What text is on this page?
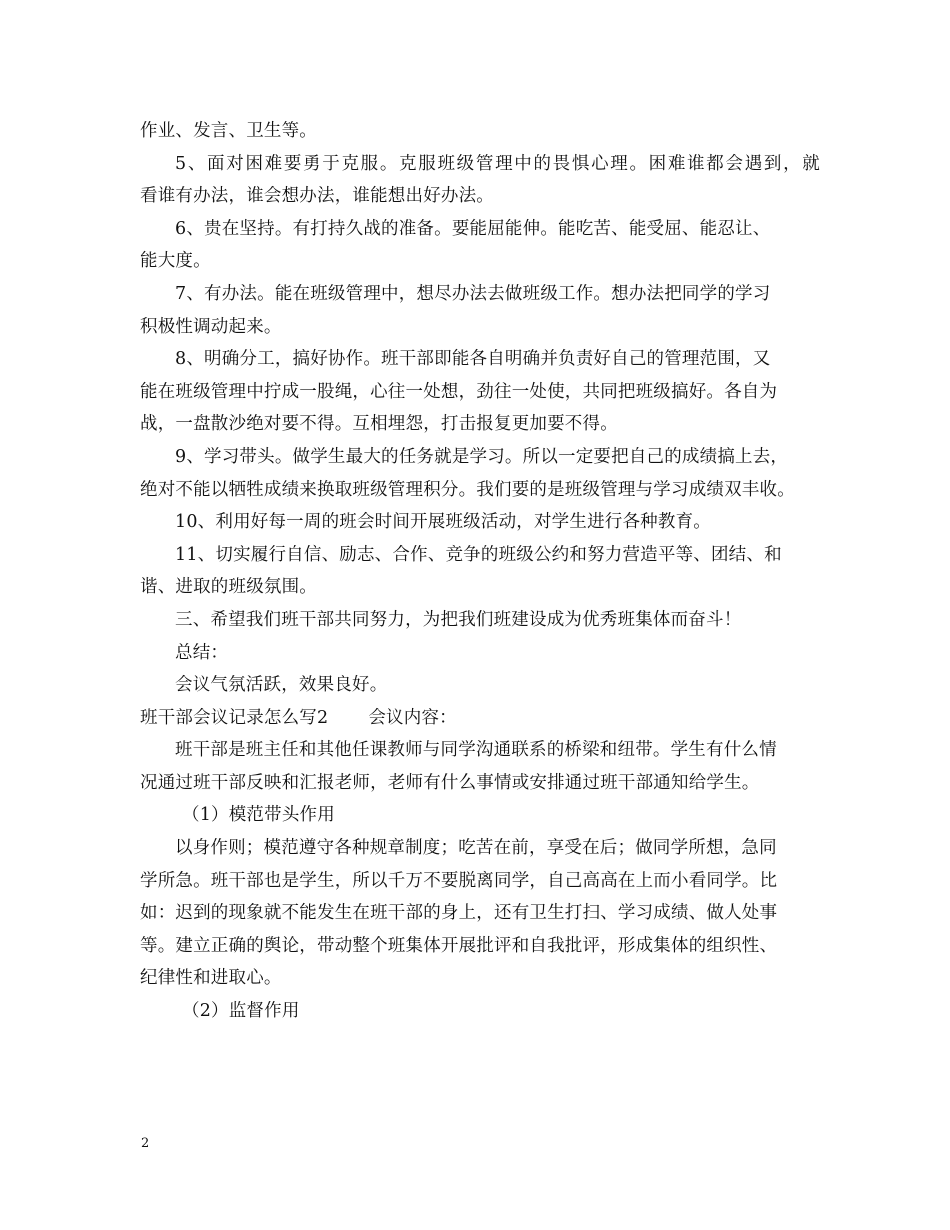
作业、发言、卫生等。
5、面对困难要勇于克服。克服班级管理中的畏惧心理。困难谁都会遇到，就
看谁有办法，谁会想办法，谁能想出好办法。
6、贵在坚持。有打持久战的准备。要能屈能伸。能吃苦、能受屈、能忍让、
能大度。
7、有办法。能在班级管理中，想尽办法去做班级工作。想办法把同学的学习
积极性调动起来。
8、明确分工，搞好协作。班干部即能各自明确并负责好自己的管理范围，又
能在班级管理中拧成一股绳，心往一处想，劲往一处使，共同把班级搞好。各自为
战，一盘散沙绝对要不得。互相埋怨，打击报复更加要不得。
9、学习带头。做学生最大的任务就是学习。所以一定要把自己的成绩搞上去，
绝对不能以牺牲成绩来换取班级管理积分。我们要的是班级管理与学习成绩双丰收。
10、利用好每一周的班会时间开展班级活动，对学生进行各种教育。
11、切实履行自信、励志、合作、竞争的班级公约和努力营造平等、团结、和
谐、进取的班级氛围。
三、希望我们班干部共同努力，为把我们班建设成为优秀班集体而奋斗！
总结：
会议气氛活跃，效果良好。
班干部会议记录怎么写2 会议内容：
班干部是班主任和其他任课教师与同学沟通联系的桥梁和纽带。学生有什么情
况通过班干部反映和汇报老师，老师有什么事情或安排通过班干部通知给学生。
（1）模范带头作用
以身作则；模范遵守各种规章制度；吃苦在前，享受在后；做同学所想，急同
学所急。班干部也是学生，所以千万不要脱离同学，自己高高在上而小看同学。比
如：迟到的现象就不能发生在班干部的身上，还有卫生打扫、学习成绩、做人处事
等。建立正确的舆论，带动整个班集体开展批评和自我批评，形成集体的组织性、
纪律性和进取心。
（2）监督作用
2
